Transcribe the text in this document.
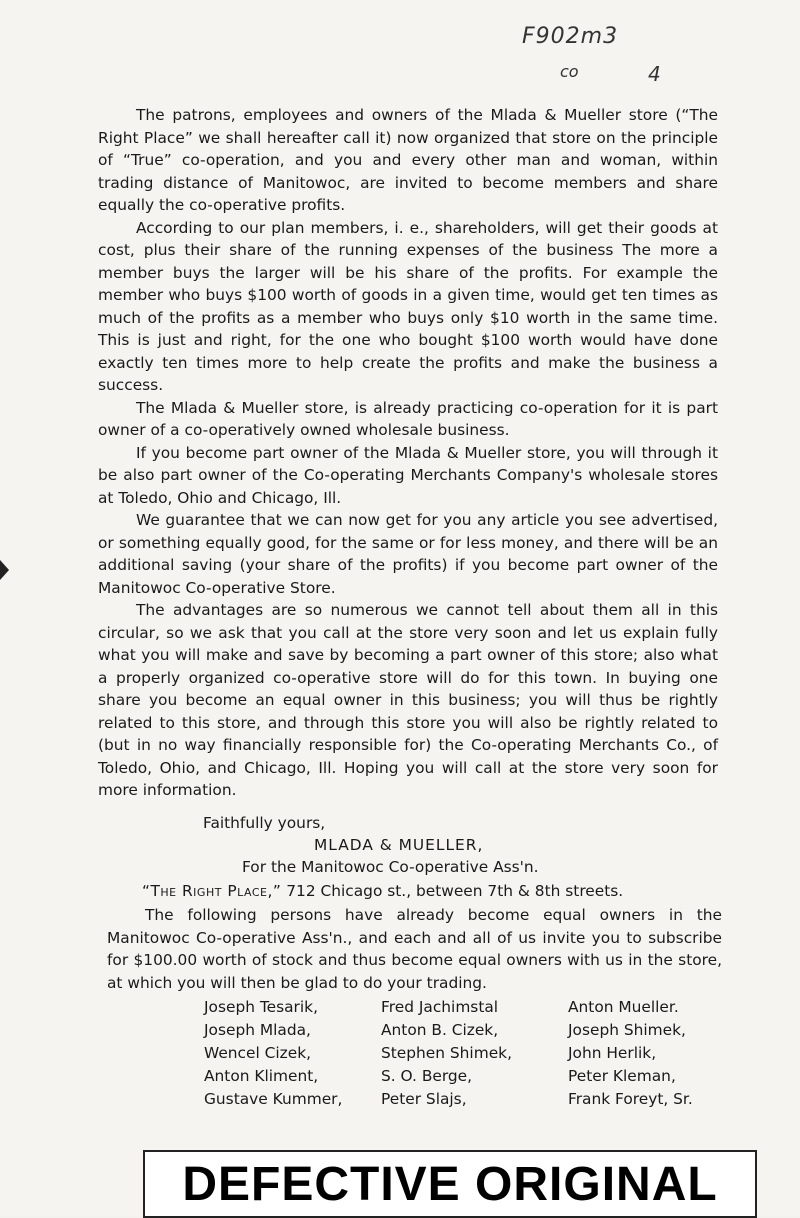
F902m3
co	4

The patrons, employees and owners of the Mlada & Mueller store (“The Right Place” we shall hereafter call it) now organized that store on the principle of “True” co-operation, and you and every other man and woman, within trading distance of Manitowoc, are invited to become members and share equally the co-operative profits.

According to our plan members, i. e., shareholders, will get their goods at cost, plus their share of the running expenses of the business The more a member buys the larger will be his share of the profits. For example the member who buys $100 worth of goods in a given time, would get ten times as much of the profits as a member who buys only $10 worth in the same time. This is just and right, for the one who bought $100 worth would have done exactly ten times more to help create the profits and make the business a success.

The Mlada & Mueller store, is already practicing co-operation for it is part owner of a co-operatively owned wholesale business.

If you become part owner of the Mlada & Mueller store, you will through it be also part owner of the Co-operating Merchants Company's wholesale stores at Toledo, Ohio and Chicago, Ill.

We guarantee that we can now get for you any article you see advertised, or something equally good, for the same or for less money, and there will be an additional saving (your share of the profits) if you become part owner of the Manitowoc Co-operative Store.

The advantages are so numerous we cannot tell about them all in this circular, so we ask that you call at the store very soon and let us explain fully what you will make and save by becoming a part owner of this store; also what a properly organized co-operative store will do for this town. In buying one share you become an equal owner in this business; you will thus be rightly related to this store, and through this store you will also be rightly related to (but in no way financially responsible for) the Co-operating Merchants Co., of Toledo, Ohio, and Chicago, Ill. Hoping you will call at the store very soon for more information.

Faithfully yours,
MLADA & MUELLER,
For the Manitowoc Co-operative Ass'n.
“The Right Place,” 712 Chicago st., between 7th & 8th streets.

The following persons have already become equal owners in the Manitowoc Co-operative Ass'n., and each and all of us invite you to subscribe for $100.00 worth of stock and thus become equal owners with us in the store, at which you will then be glad to do your trading.

Joseph Tesarik,
Joseph Mlada,
Wencel Cizek,
Anton Kliment,
Gustave Kummer,
Fred Jachimstal
Anton B. Cizek,
Stephen Shimek,
S. O. Berge,
Peter Slajs,
Anton Mueller.
Joseph Shimek,
John Herlik,
Peter Kleman,
Frank Foreyt, Sr.
DEFECTIVE ORIGINAL
